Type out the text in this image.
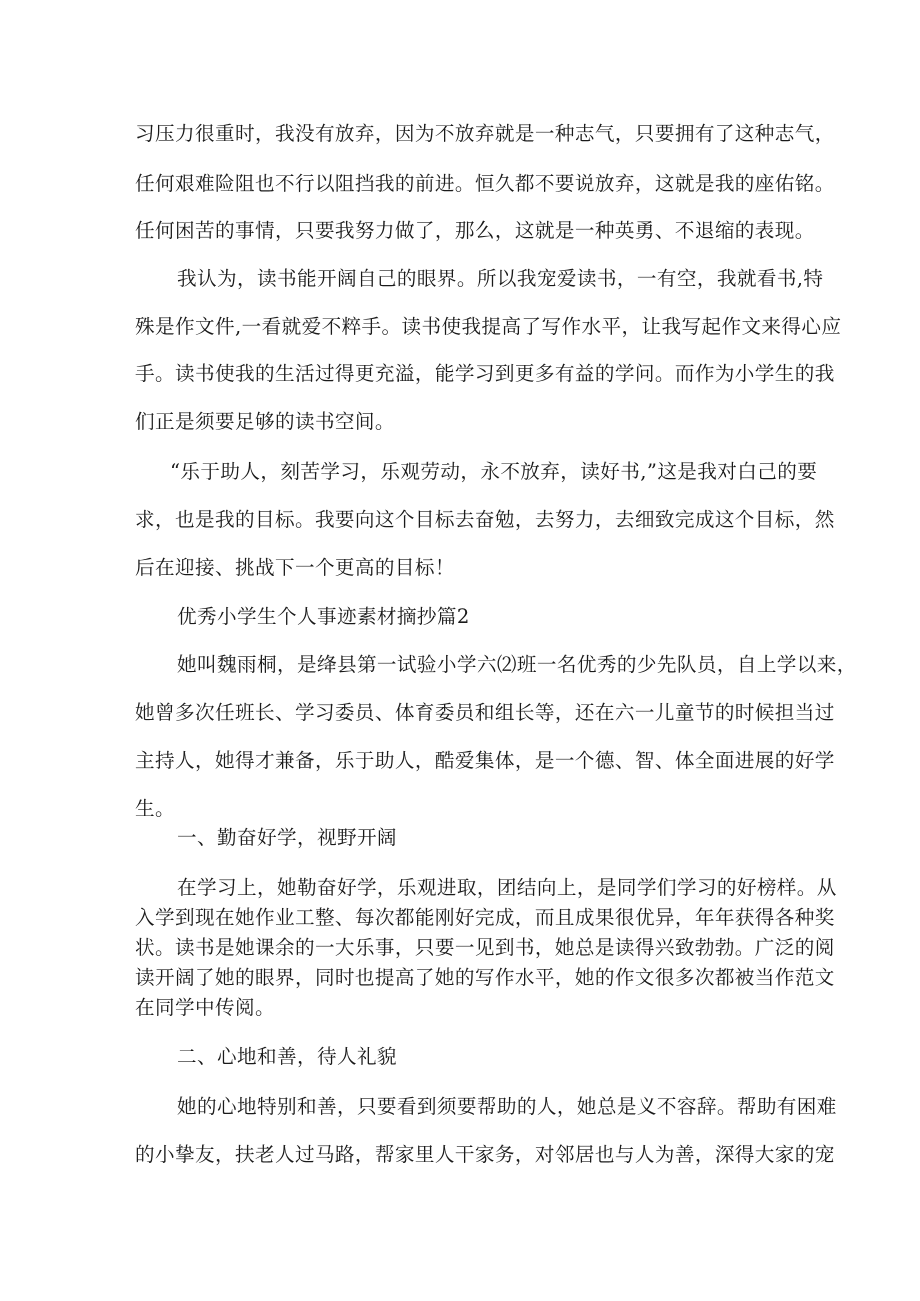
习压力很重时，我没有放弃，因为不放弃就是一种志气，只要拥有了这种志气，

任何艰难险阻也不行以阻挡我的前进。恒久都不要说放弃，这就是我的座佑铭。

任何困苦的事情，只要我努力做了，那么，这就是一种英勇、不退缩的表现。

我认为，读书能开阔自己的眼界。所以我宠爱读书，一有空，我就看书,特

殊是作文件,一看就爱不粹手。读书使我提高了写作水平，让我写起作文来得心应

手。读书使我的生活过得更充溢，能学习到更多有益的学问。而作为小学生的我

们正是须要足够的读书空间。

“乐于助人，刻苦学习，乐观劳动，永不放弃，读好书,”这是我对白己的要

求，也是我的目标。我要向这个目标去奋勉，去努力，去细致完成这个目标，然

后在迎接、挑战下一个更高的目标！

优秀小学生个人事迹素材摘抄篇2

她叫魏雨桐，是绛县第一试验小学六⑵班一名优秀的少先队员，自上学以来，

她曾多次任班长、学习委员、体育委员和组长等，还在六一儿童节的时候担当过

主持人，她得才兼备，乐于助人，酷爱集体，是一个德、智、体全面进展的好学

生。

一、勤奋好学，视野开阔

在学习上，她勒奋好学，乐观进取，团结向上，是同学们学习的好榜样。从

入学到现在她作业工整、每次都能刚好完成，而且成果很优异，年年获得各种奖

状。读书是她课余的一大乐事，只要一见到书，她总是读得兴致勃勃。广泛的阅

读开阔了她的眼界，同时也提高了她的写作水平，她的作文很多次都被当作范文

在同学中传阅。

二、心地和善，待人礼貌

她的心地特别和善，只要看到须要帮助的人，她总是义不容辞。帮助有困难

的小挚友，扶老人过马路，帮家里人干家务，对邻居也与人为善，深得大家的宠
